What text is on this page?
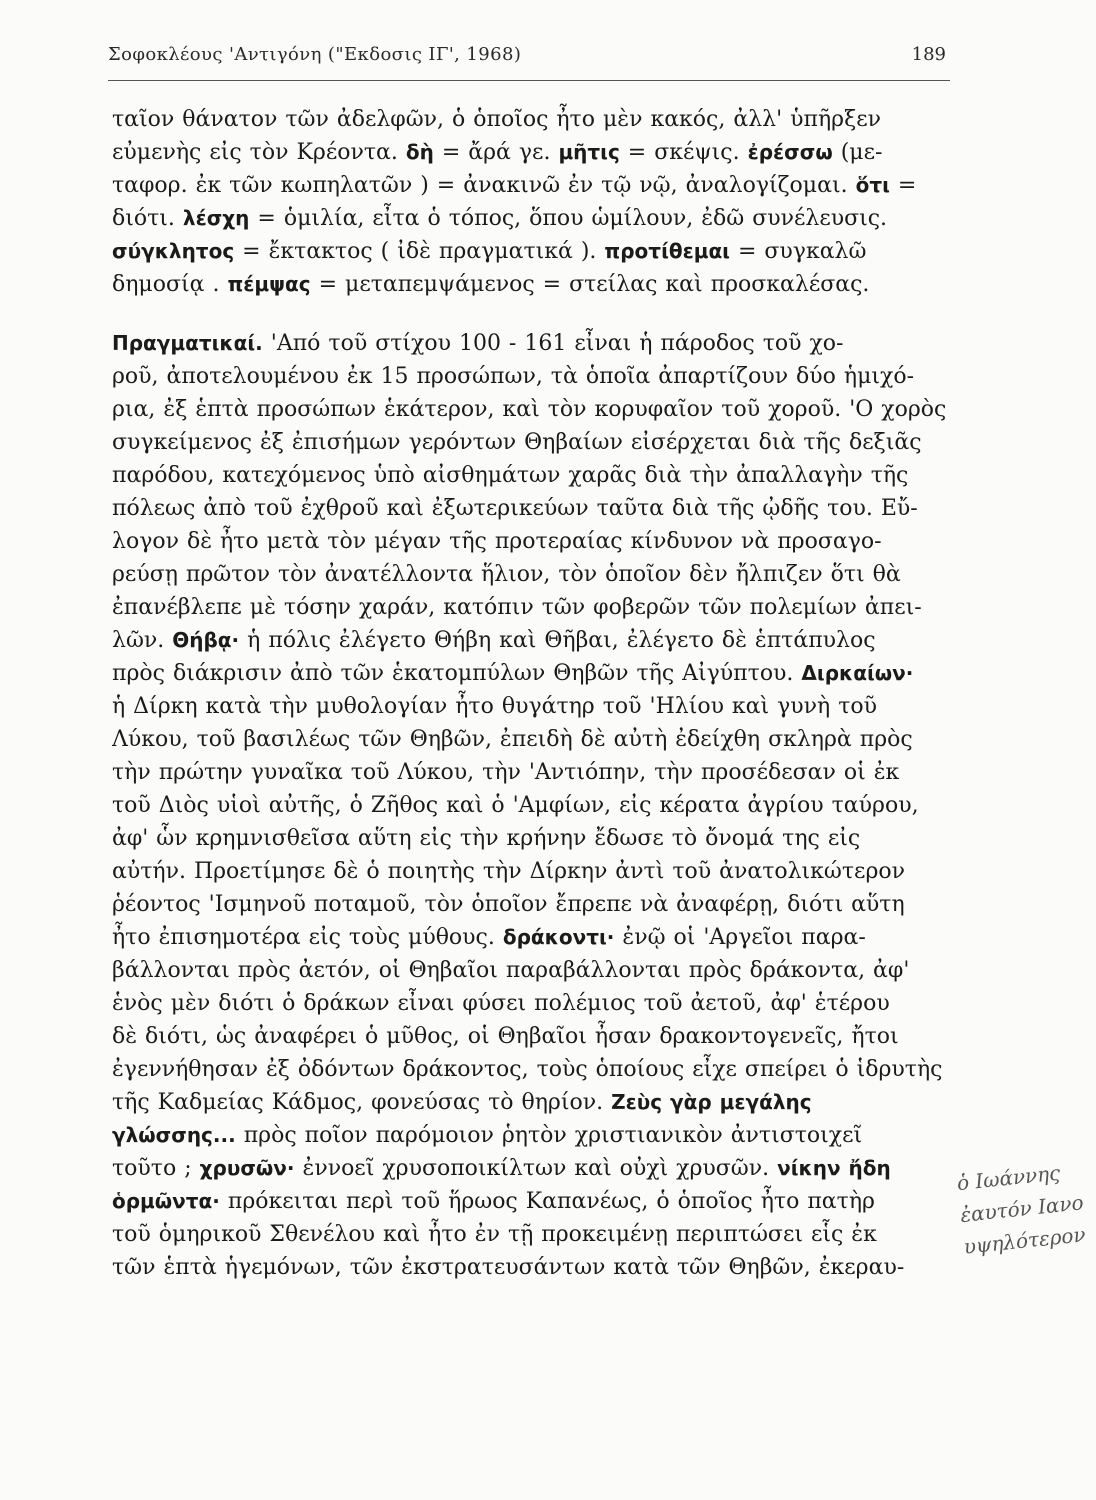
Σοφοκλέους 'Αντιγόνη ("Εκδοσις ΙΓ', 1968)	189
ταῖον θάνατον τῶν ἀδελφῶν, ὁ ὁποῖος ἦτο μὲν κακός, ἀλλ' ὑπῆρξεν
εὐμενὴς εἰς τὸν Κρέοντα. δὴ = ἄρά γε. μῆτις = σκέψις. ἐρέσσω (με-
ταφορ. ἐκ τῶν κωπηλατῶν ) = ἀνακινῶ ἐν τῷ νῷ, ἀναλογίζομαι. ὅτι =
διότι. λέσχη = ὁμιλία, εἶτα ὁ τόπος, ὅπου ὡμίλουν, ἐδῶ συνέλευσις.
σύγκλητος = ἔκτακτος ( ἰδὲ πραγματικά ). προτίθεμαι = συγκαλῶ
δημοσίᾳ . πέμψας = μεταπεμψάμενος = στείλας καὶ προσκαλέσας.
Πραγματικαί. 'Από τοῦ στίχου 100 - 161 εἶναι ἡ πάροδος τοῦ χο-
ροῦ, ἀποτελουμένου ἐκ 15 προσώπων, τὰ ὁποῖα ἀπαρτίζουν δύο ἡμιχό-
ρια, ἐξ ἑπτὰ προσώπων ἑκάτερον, καὶ τὸν κορυφαῖον τοῦ χοροῦ. 'Ο χορὸς
συγκείμενος ἐξ ἐπισήμων γερόντων Θηβαίων εἰσέρχεται διὰ τῆς δεξιᾶς
παρόδου, κατεχόμενος ὑπὸ αἰσθημάτων χαρᾶς διὰ τὴν ἀπαλλαγὴν τῆς
πόλεως ἀπὸ τοῦ ἐχθροῦ καὶ ἐξωτερικεύων ταῦτα διὰ τῆς ᾠδῆς του. Εὔ-
λογον δὲ ἦτο μετὰ τὸν μέγαν τῆς προτεραίας κίνδυνον νὰ προσαγο-
ρεύσῃ πρῶτον τὸν ἀνατέλλοντα ἥλιον, τὸν ὁποῖον δὲν ἤλπιζεν ὅτι θὰ
ἐπανέβλεπε μὲ τόσην χαράν, κατόπιν τῶν φοβερῶν τῶν πολεμίων ἀπει-
λῶν. Θήβᾳ· ἡ πόλις ἐλέγετο Θήβη καὶ Θῆβαι, ἐλέγετο δὲ ἑπτάπυλος
πρὸς διάκρισιν ἀπὸ τῶν ἑκατομπύλων Θηβῶν τῆς Αἰγύπτου. Διρκαίων·
ἡ Δίρκη κατὰ τὴν μυθολογίαν ἦτο θυγάτηρ τοῦ 'Ηλίου καὶ γυνὴ τοῦ
Λύκου, τοῦ βασιλέως τῶν Θηβῶν, ἐπειδὴ δὲ αὐτὴ ἐδείχθη σκληρὰ πρὸς
τὴν πρώτην γυναῖκα τοῦ Λύκου, τὴν 'Αντιόπην, τὴν προσέδεσαν οἱ ἐκ
τοῦ Διὸς υἱοὶ αὐτῆς, ὁ Ζῆθος καὶ ὁ 'Αμφίων, εἰς κέρατα ἀγρίου ταύρου,
ἀφ' ὧν κρημνισθεῖσα αὕτη εἰς τὴν κρήνην ἔδωσε τὸ ὄνομά της εἰς
αὐτήν. Προετίμησε δὲ ὁ ποιητὴς τὴν Δίρκην ἀντὶ τοῦ ἀνατολικώτερον
ῥέοντος 'Ισμηνοῦ ποταμοῦ, τὸν ὁποῖον ἔπρεπε νὰ ἀναφέρῃ, διότι αὕτη
ἦτο ἐπισημοτέρα εἰς τοὺς μύθους. δράκοντι· ἐνῷ οἱ 'Αργεῖοι παρα-
βάλλονται πρὸς ἀετόν, οἱ Θηβαῖοι παραβάλλονται πρὸς δράκοντα, ἀφ'
ἑνὸς μὲν διότι ὁ δράκων εἶναι φύσει πολέμιος τοῦ ἀετοῦ, ἀφ' ἑτέρου
δὲ διότι, ὡς ἀναφέρει ὁ μῦθος, οἱ Θηβαῖοι ἦσαν δρακοντογενεῖς, ἤτοι
ἐγεννήθησαν ἐξ ὀδόντων δράκοντος, τοὺς ὁποίους εἶχε σπείρει ὁ ἱδρυτὴς
τῆς Καδμείας Κάδμος, φονεύσας τὸ θηρίον. Ζεὺς γὰρ μεγάλης
γλώσσης... πρὸς ποῖον παρόμοιον ῥητὸν χριστιανικὸν ἀντιστοιχεῖ
τοῦτο ; χρυσῶν· ἐννοεῖ χρυσοποικίλτων καὶ οὐχὶ χρυσῶν. νίκην ἤδη
ὁρμῶντα· πρόκειται περὶ τοῦ ἥρωος Καπανέως, ὁ ὁποῖος ἦτο πατὴρ
τοῦ ὁμηρικοῦ Σθενέλου καὶ ἦτο ἐν τῇ προκειμένῃ περιπτώσει εἷς ἐκ
τῶν ἑπτὰ ἡγεμόνων, τῶν ἐκστρατευσάντων κατὰ τῶν Θηβῶν, ἐκεραυ-
ὁ Ιωάννης
ἐαυτόν Ιανο
υψηλότερον
